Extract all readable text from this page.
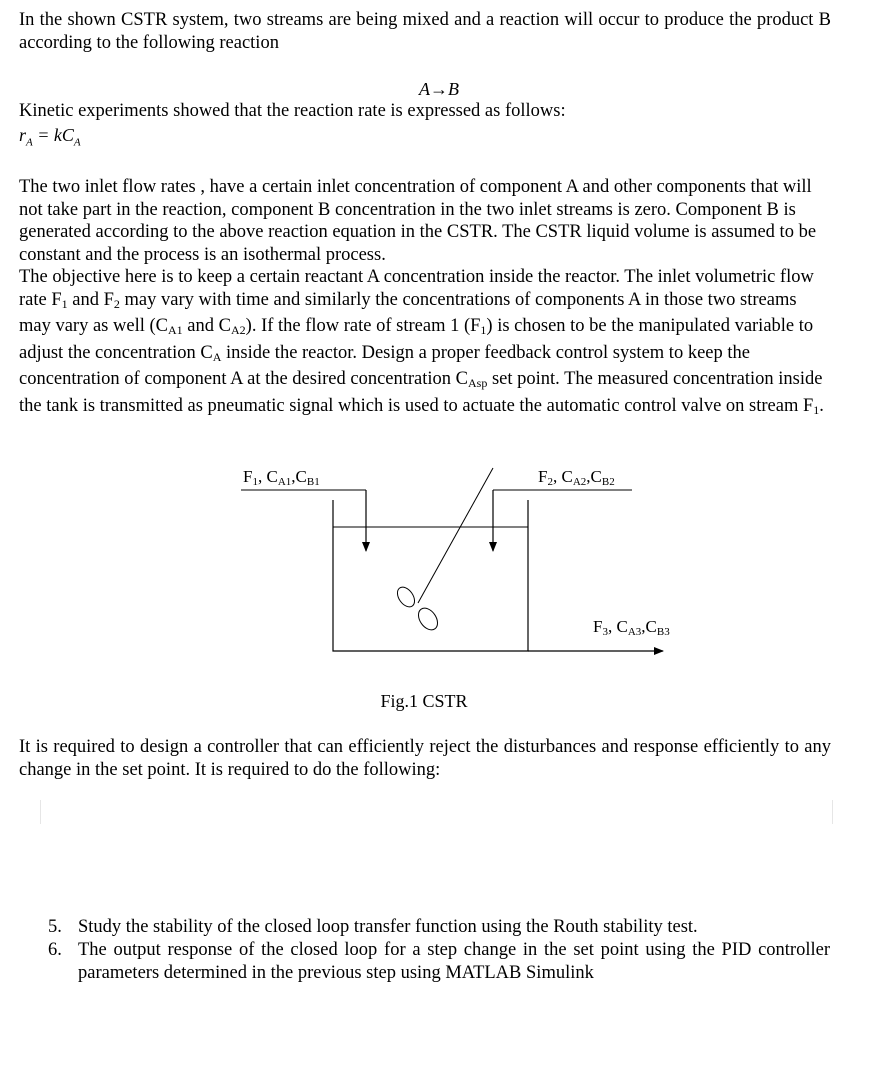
In the shown CSTR system, two streams are being mixed and a reaction will occur to produce the product B according to the following reaction
A→B
Kinetic experiments showed that the reaction rate is expressed as follows:
$r_A = kC_A$
The two inlet flow rates , have a certain inlet concentration of component A and other components that will not take part in the reaction, component B concentration in the two inlet streams is zero. Component B is generated according to the above reaction equation in the CSTR. The CSTR liquid volume is assumed to be constant and the process is an isothermal process.
The objective here is to keep a certain reactant A concentration inside the reactor. The inlet volumetric flow rate $F_1$ and $F_2$ may vary with time and similarly the concentrations of components A in those two streams may vary as well ($C_{A1}$ and $C_{A2}$). If the flow rate of stream 1 $(F_1)$ is chosen to be the manipulated variable to adjust the concentration $C_A$ inside the reactor. Design a proper feedback control system to keep the concentration of component A at the desired concentration $C_{Asp}$ set point. The measured concentration inside the tank is transmitted as pneumatic signal which is used to actuate the automatic control valve on stream $F_1$.
F1, CA1,CB1	F2, CA2,CB2
F3, CA3,CB3
Fig.1 CSTR
It is required to design a controller that can efficiently reject the disturbances and response efficiently to any change in the set point. It is required to do the following:
5. Study the stability of the closed loop transfer function using the Routh stability test.
6. The output response of the closed loop for a step change in the set point using the PID controller parameters determined in the previous step using MATLAB Simulink
